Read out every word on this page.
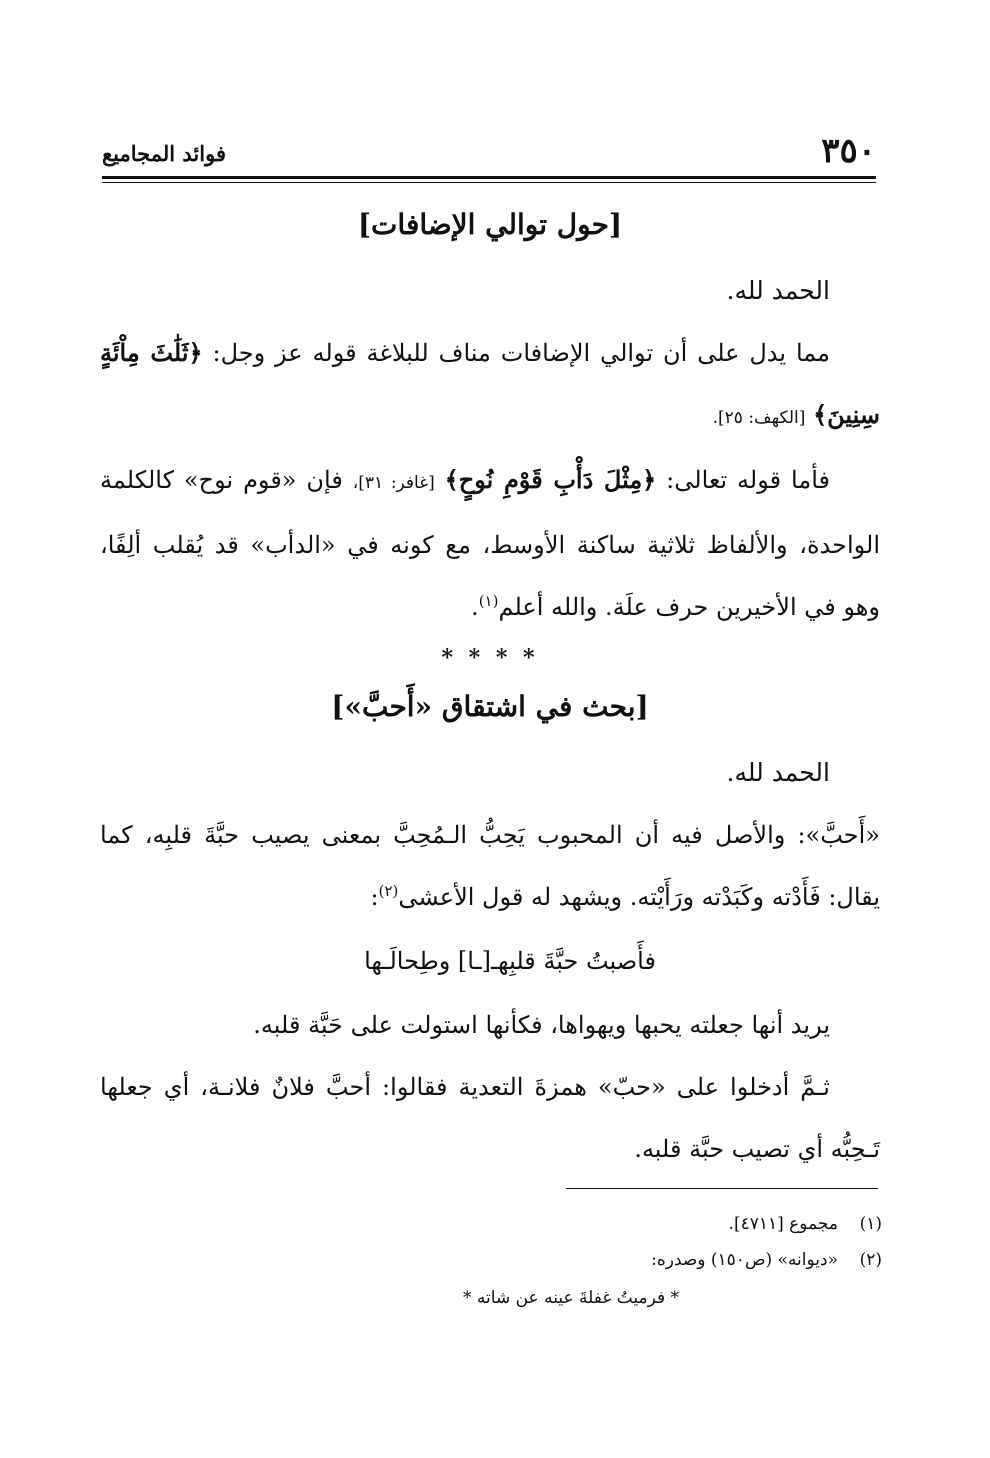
٣٥٠
فوائد المجاميع
[حول توالي الإضافات]

الحمد لله.

مما يدل على أن توالي الإضافات مناف للبلاغة قوله عز وجل: ﴿ثَلَٰثَ مِاْئَةٍ سِنِينَ﴾ [الكهف: ٢٥].

فأما قوله تعالى: ﴿مِثْلَ دَأْبِ قَوْمِ نُوحٍ﴾ [غافر: ٣١]، فإن «قوم نوح» كالكلمة الواحدة، والألفاظ ثلاثية ساكنة الأوسط، مع كونه في «الدأب» قد يُقلب ألِفًا، وهو في الأخيرين حرف علَة. والله أعلم$^{(١)}$.

* * * *
[بحث في اشتقاق «أَحبَّ»]

الحمد لله.

«أَحبَّ»: والأصل فيه أن المحبوب يَحِبُّ الـمُحِبَّ بمعنى يصيب حبَّةَ قلبِه، كما يقال: فَأَدْته وكَبَدْته ورَأَيْته. ويشهد له قول الأعشى$^{(٢)}$:

فأَصبتُ حبَّةَ قلبِهـ[ـا] وطِحالَـها

يريد أنها جعلته يحبها ويهواها، فكأنها استولت على حَبَّة قلبه.

ثـمَّ أدخلوا على «حبّ» همزةَ التعدية فقالوا: أحبَّ فلانٌ فلانـة، أي جعلها تَـحِبُّه أي تصيب حبَّة قلبه.

(١)مجموع [٤٧١١].

(٢)«ديوانه» (ص١٥٠) وصدره:

* فرميتُ غفلةَ عينه عن شاته *
